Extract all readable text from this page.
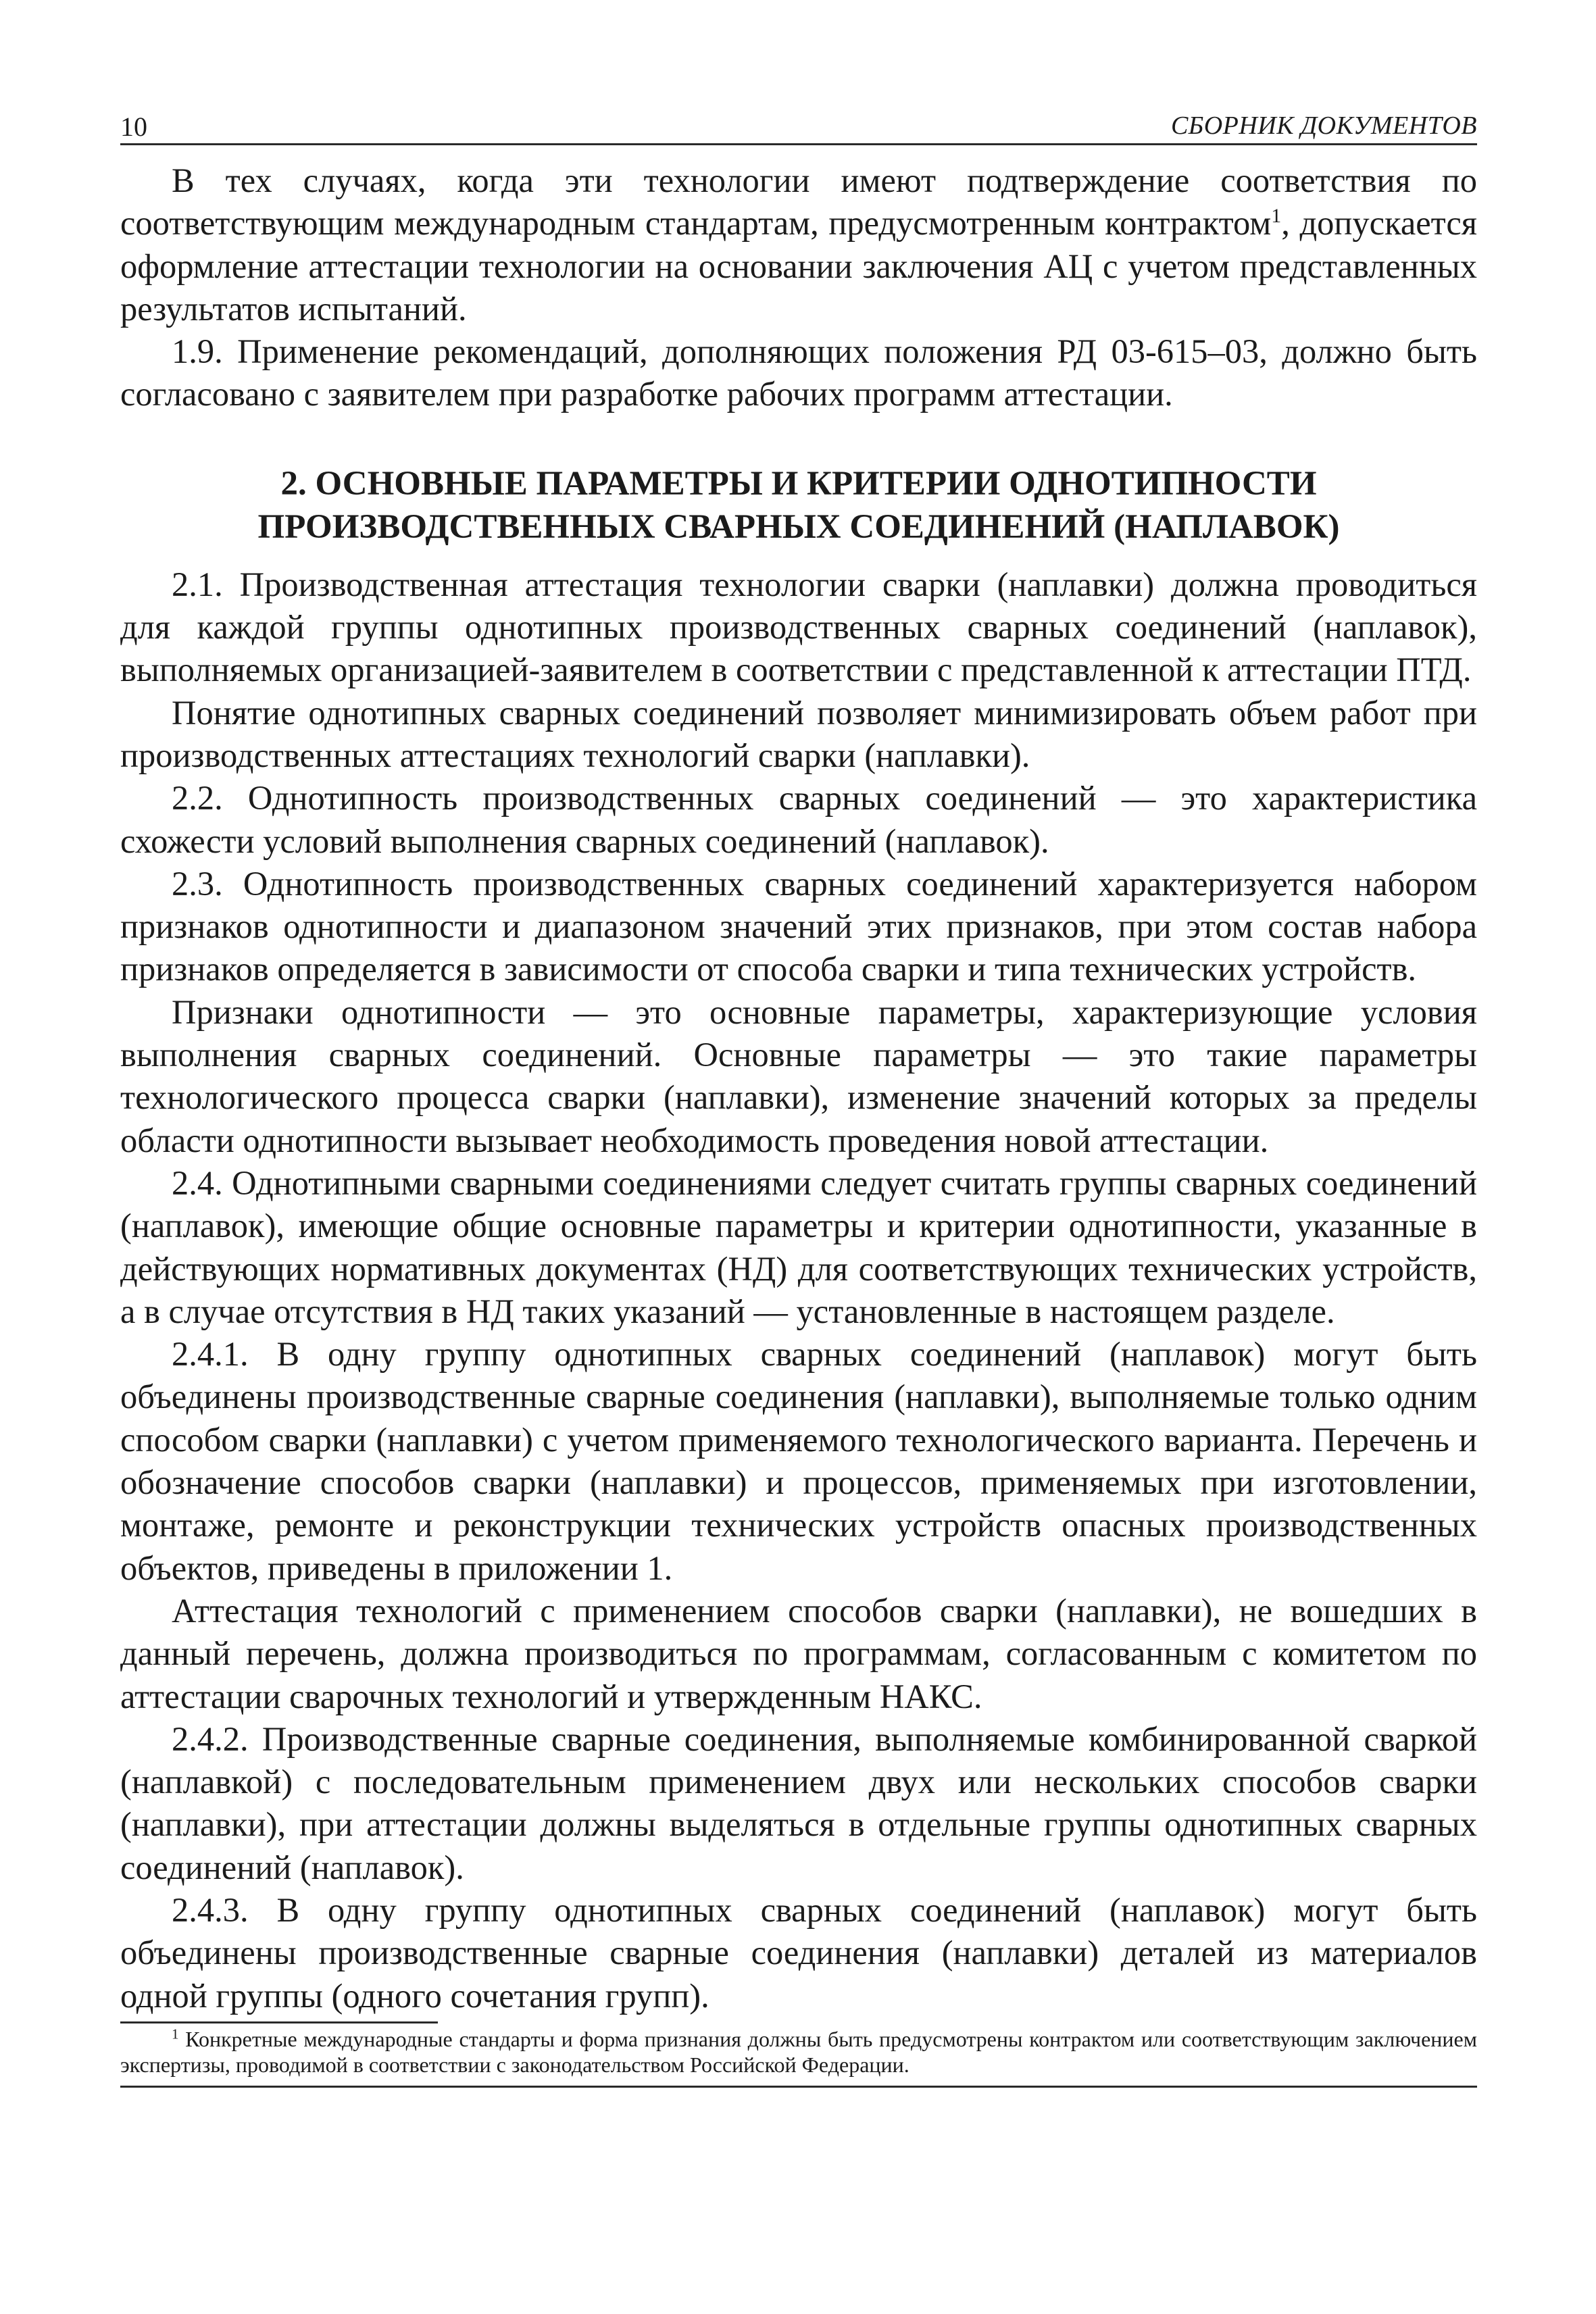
10	СБОРНИК ДОКУМЕНТОВ

В тех случаях, когда эти технологии имеют подтверждение соответствия по соответствующим международным стандартам, предусмотренным контрактом$^1$, допускается оформление аттестации технологии на основании заключения АЦ с учетом представленных результатов испытаний.

1.9. Применение рекомендаций, дополняющих положения РД 03-615–03, должно быть согласовано с заявителем при разработке рабочих программ аттестации.

2. ОСНОВНЫЕ ПАРАМЕТРЫ И КРИТЕРИИ ОДНОТИПНОСТИ
ПРОИЗВОДСТВЕННЫХ СВАРНЫХ СОЕДИНЕНИЙ (НАПЛАВОК)

2.1. Производственная аттестация технологии сварки (наплавки) должна проводиться для каждой группы однотипных производственных сварных соединений (наплавок), выполняемых организацией-заявителем в соответствии с представленной к аттестации ПТД.

Понятие однотипных сварных соединений позволяет минимизировать объем работ при производственных аттестациях технологий сварки (наплавки).

2.2. Однотипность производственных сварных соединений — это характеристика схожести условий выполнения сварных соединений (наплавок).

2.3. Однотипность производственных сварных соединений характеризуется набором признаков однотипности и диапазоном значений этих признаков, при этом состав набора признаков определяется в зависимости от способа сварки и типа технических устройств.

Признаки однотипности — это основные параметры, характеризующие условия выполнения сварных соединений. Основные параметры — это такие параметры технологического процесса сварки (наплавки), изменение значений которых за пределы области однотипности вызывает необходимость проведения новой аттестации.

2.4. Однотипными сварными соединениями следует считать группы сварных соединений (наплавок), имеющие общие основные параметры и критерии однотипности, указанные в действующих нормативных документах (НД) для соответствующих технических устройств, а в случае отсутствия в НД таких указаний — установленные в настоящем разделе.

2.4.1. В одну группу однотипных сварных соединений (наплавок) могут быть объединены производственные сварные соединения (наплавки), выполняемые только одним способом сварки (наплавки) с учетом применяемого технологического варианта. Перечень и обозначение способов сварки (наплавки) и процессов, применяемых при изготовлении, монтаже, ремонте и реконструкции технических устройств опасных производственных объектов, приведены в приложении 1.

Аттестация технологий с применением способов сварки (наплавки), не вошедших в данный перечень, должна производиться по программам, согласованным с комитетом по аттестации сварочных технологий и утвержденным НАКС.

2.4.2. Производственные сварные соединения, выполняемые комбинированной сваркой (наплавкой) с последовательным применением двух или нескольких способов сварки (наплавки), при аттестации должны выделяться в отдельные группы однотипных сварных соединений (наплавок).

2.4.3. В одну группу однотипных сварных соединений (наплавок) могут быть объединены производственные сварные соединения (наплавки) деталей из материалов одной группы (одного сочетания групп).

$^1$ Конкретные международные стандарты и форма признания должны быть предусмотрены контрактом или соответствующим заключением экспертизы, проводимой в соответствии с законодательством Российской Федерации.
